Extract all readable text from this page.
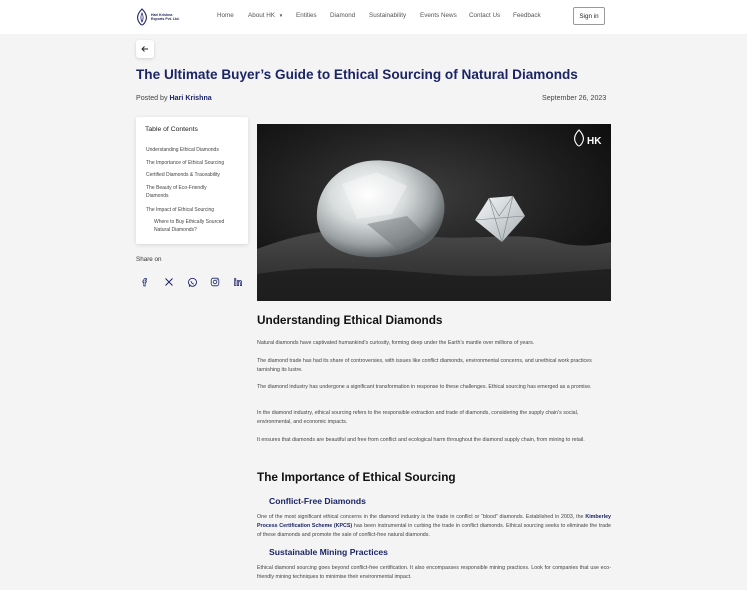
Hari Krishna
Exports Pvt. Ltd.	Home About HK ▼ Entities Diamond Sustainability Events News Contact Us Feedback	Sign in
The Ultimate Buyer’s Guide to Ethical Sourcing of Natural Diamonds
Posted by Hari Krishna	September 26, 2023
Table of Contents
Understanding Ethical Diamonds
The Importance of Ethical Sourcing
Certified Diamonds & Traceability
The Beauty of Eco-Friendly Diamonds
The Impact of Ethical Sourcing
Where to Buy Ethically Sourced Natural Diamonds?
Share on
HK
Understanding Ethical Diamonds

Natural diamonds have captivated humankind's curiosity, forming deep under the Earth's mantle over millions of years.

The diamond trade has had its share of controversies, with issues like conflict diamonds, environmental concerns, and unethical work practices tarnishing its lustre.

The diamond industry has undergone a significant transformation in response to these challenges. Ethical sourcing has emerged as a promise.

In the diamond industry, ethical sourcing refers to the responsible extraction and trade of diamonds, considering the supply chain's social, environmental, and economic impacts.

It ensures that diamonds are beautiful and free from conflict and ecological harm throughout the diamond supply chain, from mining to retail.

The Importance of Ethical Sourcing
Conflict-Free Diamonds

One of the most significant ethical concerns in the diamond industry is the trade in conflict or “blood” diamonds. Established in 2003, the Kimberley Process Certification Scheme (KPCS) has been instrumental in curbing the trade in conflict diamonds. Ethical sourcing seeks to eliminate the trade of these diamonds and promote the sale of conflict-free natural diamonds.

Sustainable Mining Practices

Ethical diamond sourcing goes beyond conflict-free certification. It also encompasses responsible mining practices. Look for companies that use eco-friendly mining techniques to minimise their environmental impact.
